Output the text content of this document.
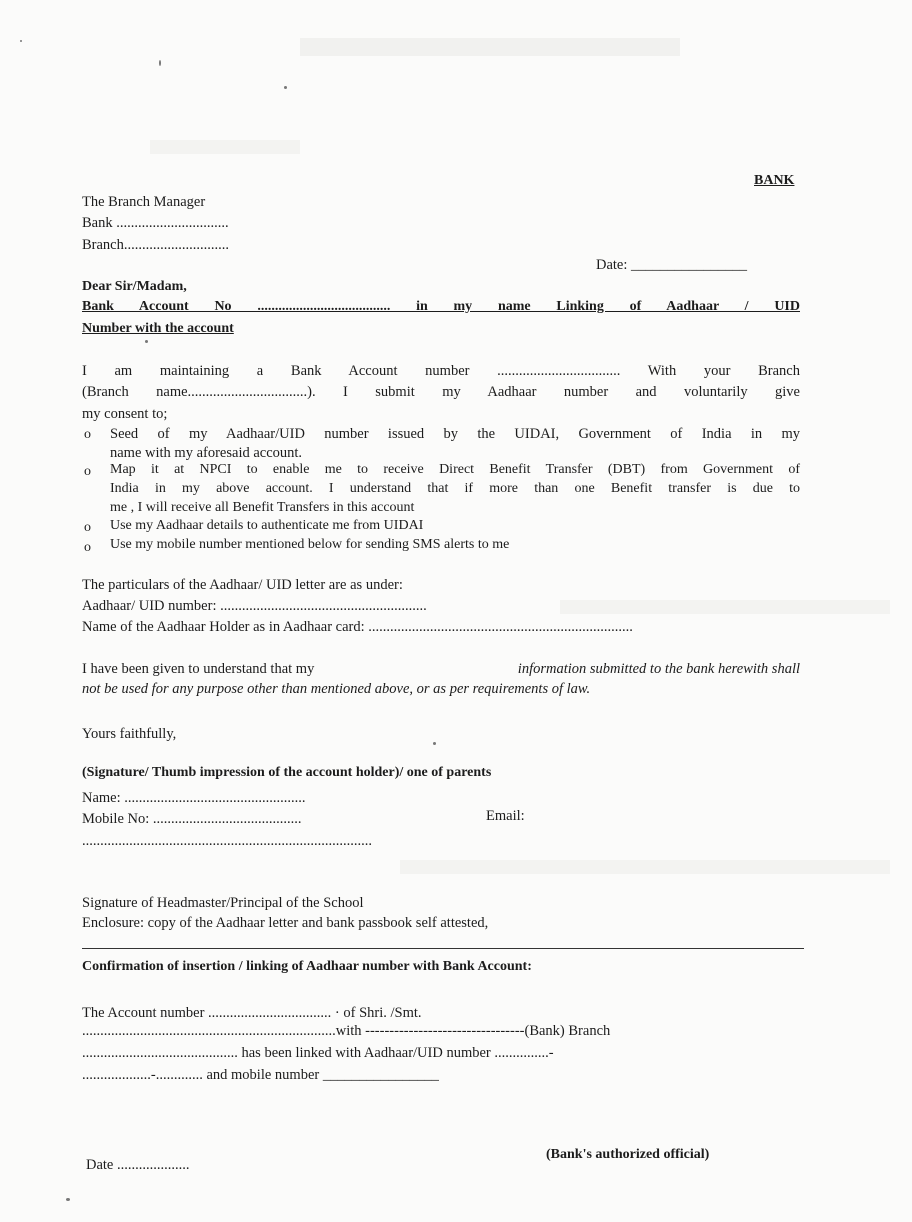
BANK
The Branch Manager
Bank ...............................
Branch.............................
Date: ________________
Dear Sir/Madam,
Bank Account No ...................................... in my name Linking of Aadhaar / UID
Number with the account
I am maintaining a Bank Account number .................................. With your Branch
(Branch name.................................). I submit my Aadhaar number and voluntarily give
my consent to;
o Seed of my Aadhaar/UID number issued by the UIDAI, Government of India in my
name with my aforesaid account.
o Map it at NPCI to enable me to receive Direct Benefit Transfer (DBT) from Government of
India in my above account. I understand that if more than one Benefit transfer is due to
me , I will receive all Benefit Transfers in this account
o Use my Aadhaar details to authenticate me from UIDAI
o Use my mobile number mentioned below for sending SMS alerts to me
The particulars of the Aadhaar/ UID letter are as under:
Aadhaar/ UID number: .........................................................
Name of the Aadhaar Holder as in Aadhaar card: .........................................................................
I have been given to understand that my	information submitted to the bank herewith shall
not be used for any purpose other than mentioned above, or as per requirements of law.
Yours faithfully,
(Signature/ Thumb impression of the account holder)/ one of parents
Name: ..................................................
Mobile No: .........................................	Email:
................................................................................
Signature of Headmaster/Principal of the School
Enclosure: copy of the Aadhaar letter and bank passbook self attested,
Confirmation of insertion / linking of Aadhaar number with Bank Account:
The Account number .................................. · of Shri. /Smt.
......................................................................with ---------------------------------(Bank) Branch
........................................... has been linked with Aadhaar/UID number ...............-
...................-............. and mobile number ________________
Date ....................
(Bank's authorized official)
